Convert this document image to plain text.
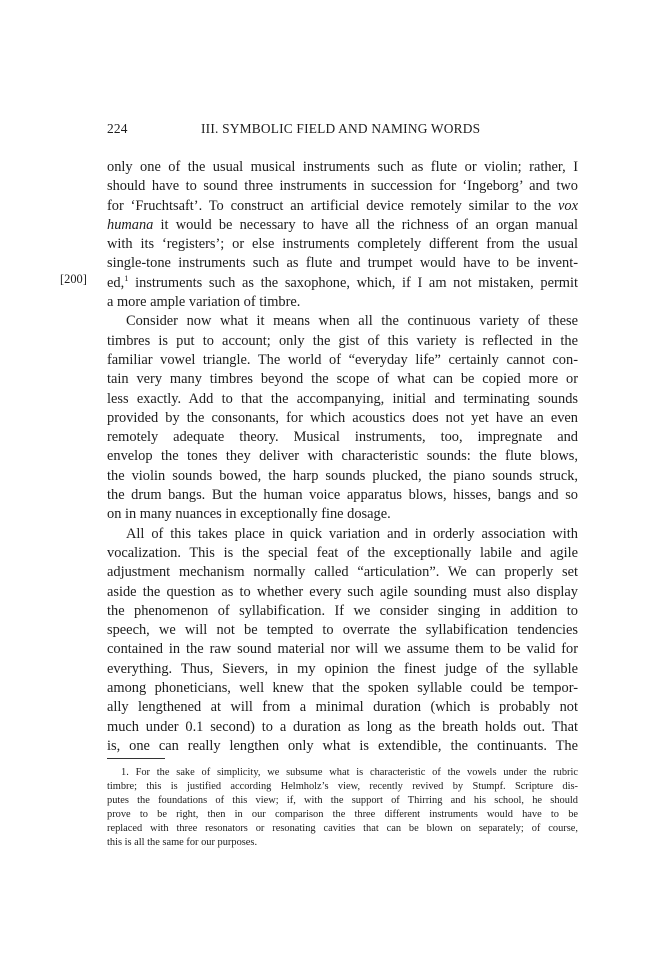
224	III. SYMBOLIC FIELD AND NAMING WORDS
[200]
only one of the usual musical instruments such as flute or violin; rather, I
should have to sound three instruments in succession for ‘Ingeborg’ and two
for ‘Fruchtsaft’. To construct an artificial device remotely similar to the vox
humana it would be necessary to have all the richness of an organ manual
with its ‘registers’; or else instruments completely different from the usual
single-tone instruments such as flute and trumpet would have to be invent-
ed,$^1$ instruments such as the saxophone, which, if I am not mistaken, permit
a more ample variation of timbre.
Consider now what it means when all the continuous variety of these
timbres is put to account; only the gist of this variety is reflected in the
familiar vowel triangle. The world of “everyday life” certainly cannot con-
tain very many timbres beyond the scope of what can be copied more or
less exactly. Add to that the accompanying, initial and terminating sounds
provided by the consonants, for which acoustics does not yet have an even
remotely adequate theory. Musical instruments, too, impregnate and
envelop the tones they deliver with characteristic sounds: the flute blows,
the violin sounds bowed, the harp sounds plucked, the piano sounds struck,
the drum bangs. But the human voice apparatus blows, hisses, bangs and so
on in many nuances in exceptionally fine dosage.
All of this takes place in quick variation and in orderly association with
vocalization. This is the special feat of the exceptionally labile and agile
adjustment mechanism normally called “articulation”. We can properly set
aside the question as to whether every such agile sounding must also display
the phenomenon of syllabification. If we consider singing in addition to
speech, we will not be tempted to overrate the syllabification tendencies
contained in the raw sound material nor will we assume them to be valid for
everything. Thus, Sievers, in my opinion the finest judge of the syllable
among phoneticians, well knew that the spoken syllable could be tempor-
ally lengthened at will from a minimal duration (which is probably not
much under 0.1 second) to a duration as long as the breath holds out. That
is, one can really lengthen only what is extendible, the continuants. The
1. For the sake of simplicity, we subsume what is characteristic of the vowels under the rubric
timbre; this is justified according Helmholz’s view, recently revived by Stumpf. Scripture dis-
putes the foundations of this view; if, with the support of Thirring and his school, he should
prove to be right, then in our comparison the three different instruments would have to be
replaced with three resonators or resonating cavities that can be blown on separately; of course,
this is all the same for our purposes.
